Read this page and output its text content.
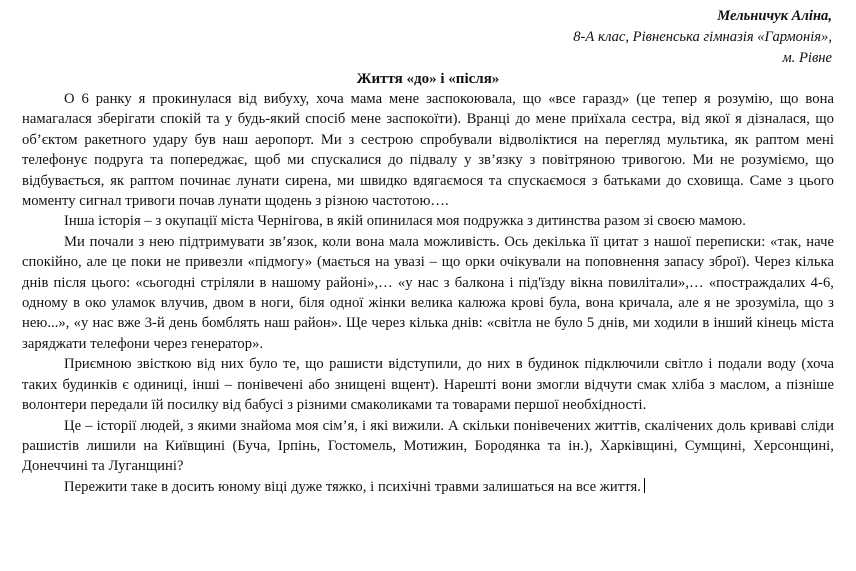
Мельничук Аліна,
8-А клас, Рівненська гімназія «Гармонія»,
м. Рівне
Життя «до» і «після»

О 6 ранку я прокинулася від вибуху, хоча мама мене заспокоювала, що «все гаразд» (це тепер я розумію, що вона намагалася зберігати спокій та у будь-який спосіб мене заспокоїти). Вранці до мене приїхала сестра, від якої я дізналася, що об’єктом ракетного удару був наш аеропорт. Ми з сестрою спробували відволіктися на перегляд мультика, як раптом мені телефонує подруга та попереджає, щоб ми спускалися до підвалу у зв’язку з повітряною тривогою. Ми не розуміємо, що відбувається, як раптом починає лунати сирена, ми швидко вдягаємося та спускаємося з батьками до сховища. Саме з цього моменту сигнал тривоги почав лунати щодень з різною частотою….

Інша історія – з окупації міста Чернігова, в якій опинилася моя подружка з дитинства разом зі своєю мамою.

Ми почали з нею підтримувати зв’язок, коли вона мала можливість. Ось декілька її цитат з нашої переписки: «так, наче спокійно, але це поки не привезли «підмогу» (мається на увазі – що орки очікували на поповнення запасу зброї). Через кілька днів після цього: «сьогодні стріляли в нашому районі»,… «у нас з балкона і під'їзду вікна повилітали»,… «постраждалих 4-6, одному в око уламок влучив, двом в ноги, біля одної жінки велика калюжа крові була, вона кричала, але я не зрозуміла, що з нею...», «у нас вже 3-й день бомблять наш район». Ще через кілька днів: «світла не було 5 днів, ми ходили в інший кінець міста заряджати телефони через генератор».

Приємною звісткою від них було те, що рашисти відступили, до них в будинок підключили світло і подали воду (хоча таких будинків є одиниці, інші – понівечені або знищені вщент). Нарешті вони змогли відчути смак хліба з маслом, а пізніше волонтери передали їй посилку від бабусі з різними смаколиками та товарами першої необхідності.

Це – історії людей, з якими знайома моя сім’я, і які вижили. А скільки понівечених життів, скалічених доль криваві сліди рашистів лишили на Київщині (Буча, Ірпінь, Гостомель, Мотижин, Бородянка та ін.), Харківщині, Сумщині, Херсонщині, Донеччині та Луганщині?

Пережити таке в досить юному віці дуже тяжко, і психічні травми залишаться на все життя.
